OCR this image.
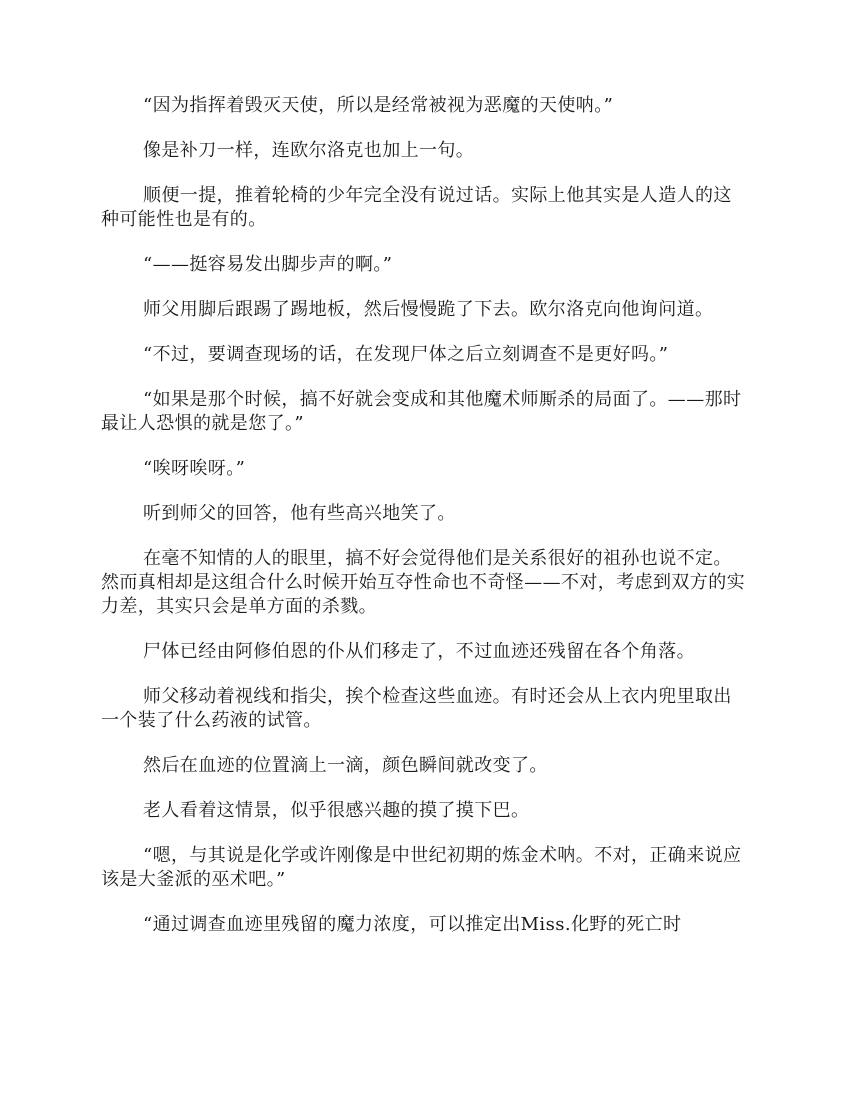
“因为指挥着毁灭天使，所以是经常被视为恶魔的天使呐。”

像是补刀一样，连欧尔洛克也加上一句。

顺便一提，推着轮椅的少年完全没有说过话。实际上他其实是人造人的这种可能性也是有的。

“——挺容易发出脚步声的啊。”

师父用脚后跟踢了踢地板，然后慢慢跪了下去。欧尔洛克向他询问道。

“不过，要调查现场的话，在发现尸体之后立刻调查不是更好吗。”

“如果是那个时候，搞不好就会变成和其他魔术师厮杀的局面了。——那时最让人恐惧的就是您了。”

“唉呀唉呀。”

听到师父的回答，他有些高兴地笑了。

在毫不知情的人的眼里，搞不好会觉得他们是关系很好的祖孙也说不定。然而真相却是这组合什么时候开始互夺性命也不奇怪——不对，考虑到双方的实力差，其实只会是单方面的杀戮。

尸体已经由阿修伯恩的仆从们移走了，不过血迹还残留在各个角落。

师父移动着视线和指尖，挨个检查这些血迹。有时还会从上衣内兜里取出一个装了什么药液的试管。

然后在血迹的位置滴上一滴，颜色瞬间就改变了。

老人看着这情景，似乎很感兴趣的摸了摸下巴。

“嗯，与其说是化学或许刚像是中世纪初期的炼金术呐。不对，正确来说应该是大釜派的巫术吧。”

“通过调查血迹里残留的魔力浓度，可以推定出Miss.化野的死亡时
